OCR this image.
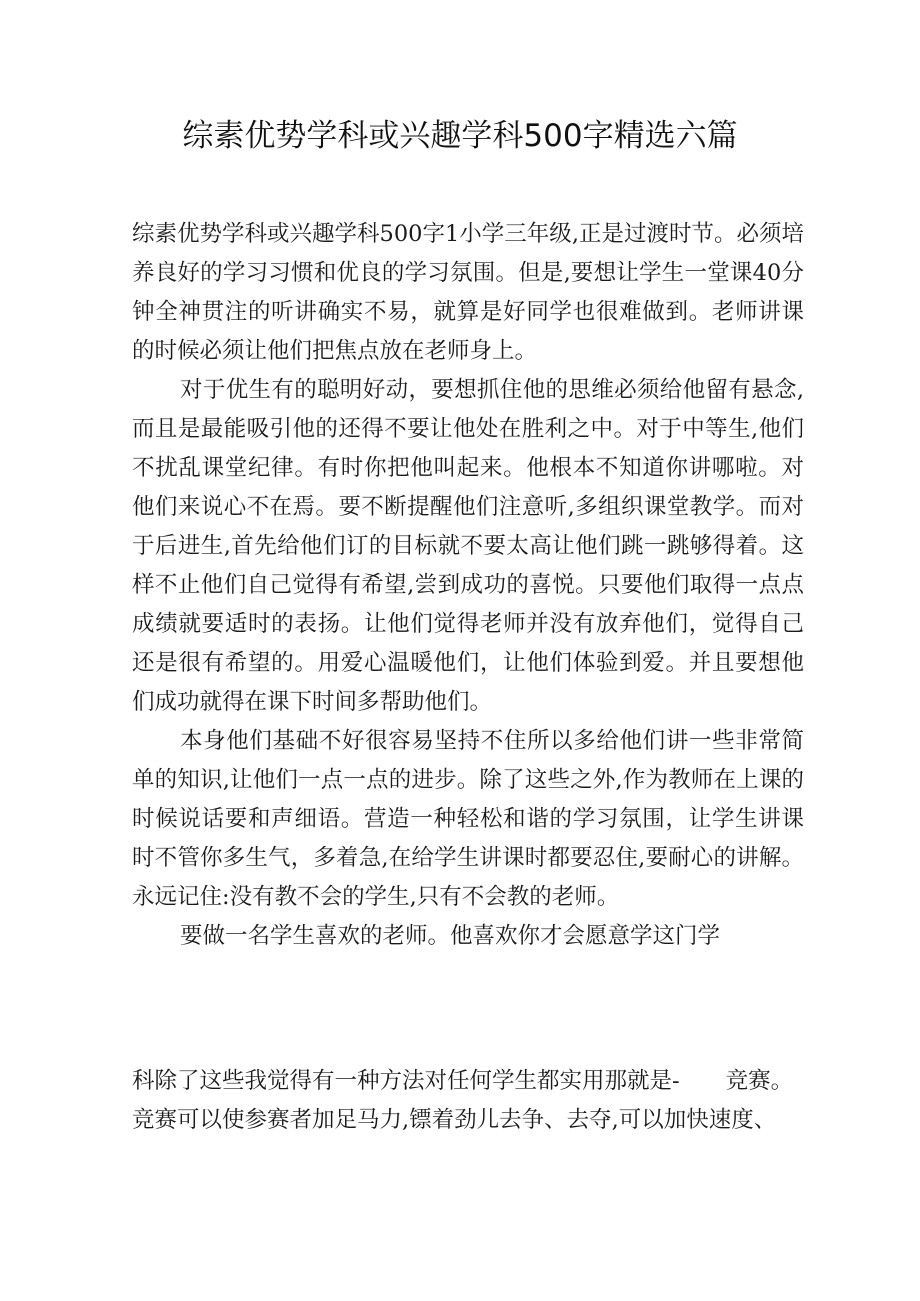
综素优势学科或兴趣学科500字精选六篇

综素优势学科或兴趣学科500字1小学三年级,正是过渡时节。必须培养良好的学习习惯和优良的学习氛围。但是,要想让学生一堂课40分钟全神贯注的听讲确实不易，就算是好同学也很难做到。老师讲课的时候必须让他们把焦点放在老师身上。

对于优生有的聪明好动，要想抓住他的思维必须给他留有悬念,而且是最能吸引他的还得不要让他处在胜利之中。对于中等生,他们不扰乱课堂纪律。有时你把他叫起来。他根本不知道你讲哪啦。对他们来说心不在焉。要不断提醒他们注意听,多组织课堂教学。而对于后进生,首先给他们订的目标就不要太高让他们跳一跳够得着。这样不止他们自己觉得有希望,尝到成功的喜悦。只要他们取得一点点成绩就要适时的表扬。让他们觉得老师并没有放弃他们，觉得自己还是很有希望的。用爱心温暖他们，让他们体验到爱。并且要想他们成功就得在课下时间多帮助他们。

本身他们基础不好很容易坚持不住所以多给他们讲一些非常简单的知识,让他们一点一点的进步。除了这些之外,作为教师在上课的时候说话要和声细语。营造一种轻松和谐的学习氛围，让学生讲课时不管你多生气，多着急,在给学生讲课时都要忍住,要耐心的讲解。永远记住:没有教不会的学生,只有不会教的老师。

要做一名学生喜欢的老师。他喜欢你才会愿意学这门学

科除了这些我觉得有一种方法对任何学生都实用那就是- 竞赛。

竞赛可以使参赛者加足马力,镖着劲儿去争、去夺,可以加快速度、
